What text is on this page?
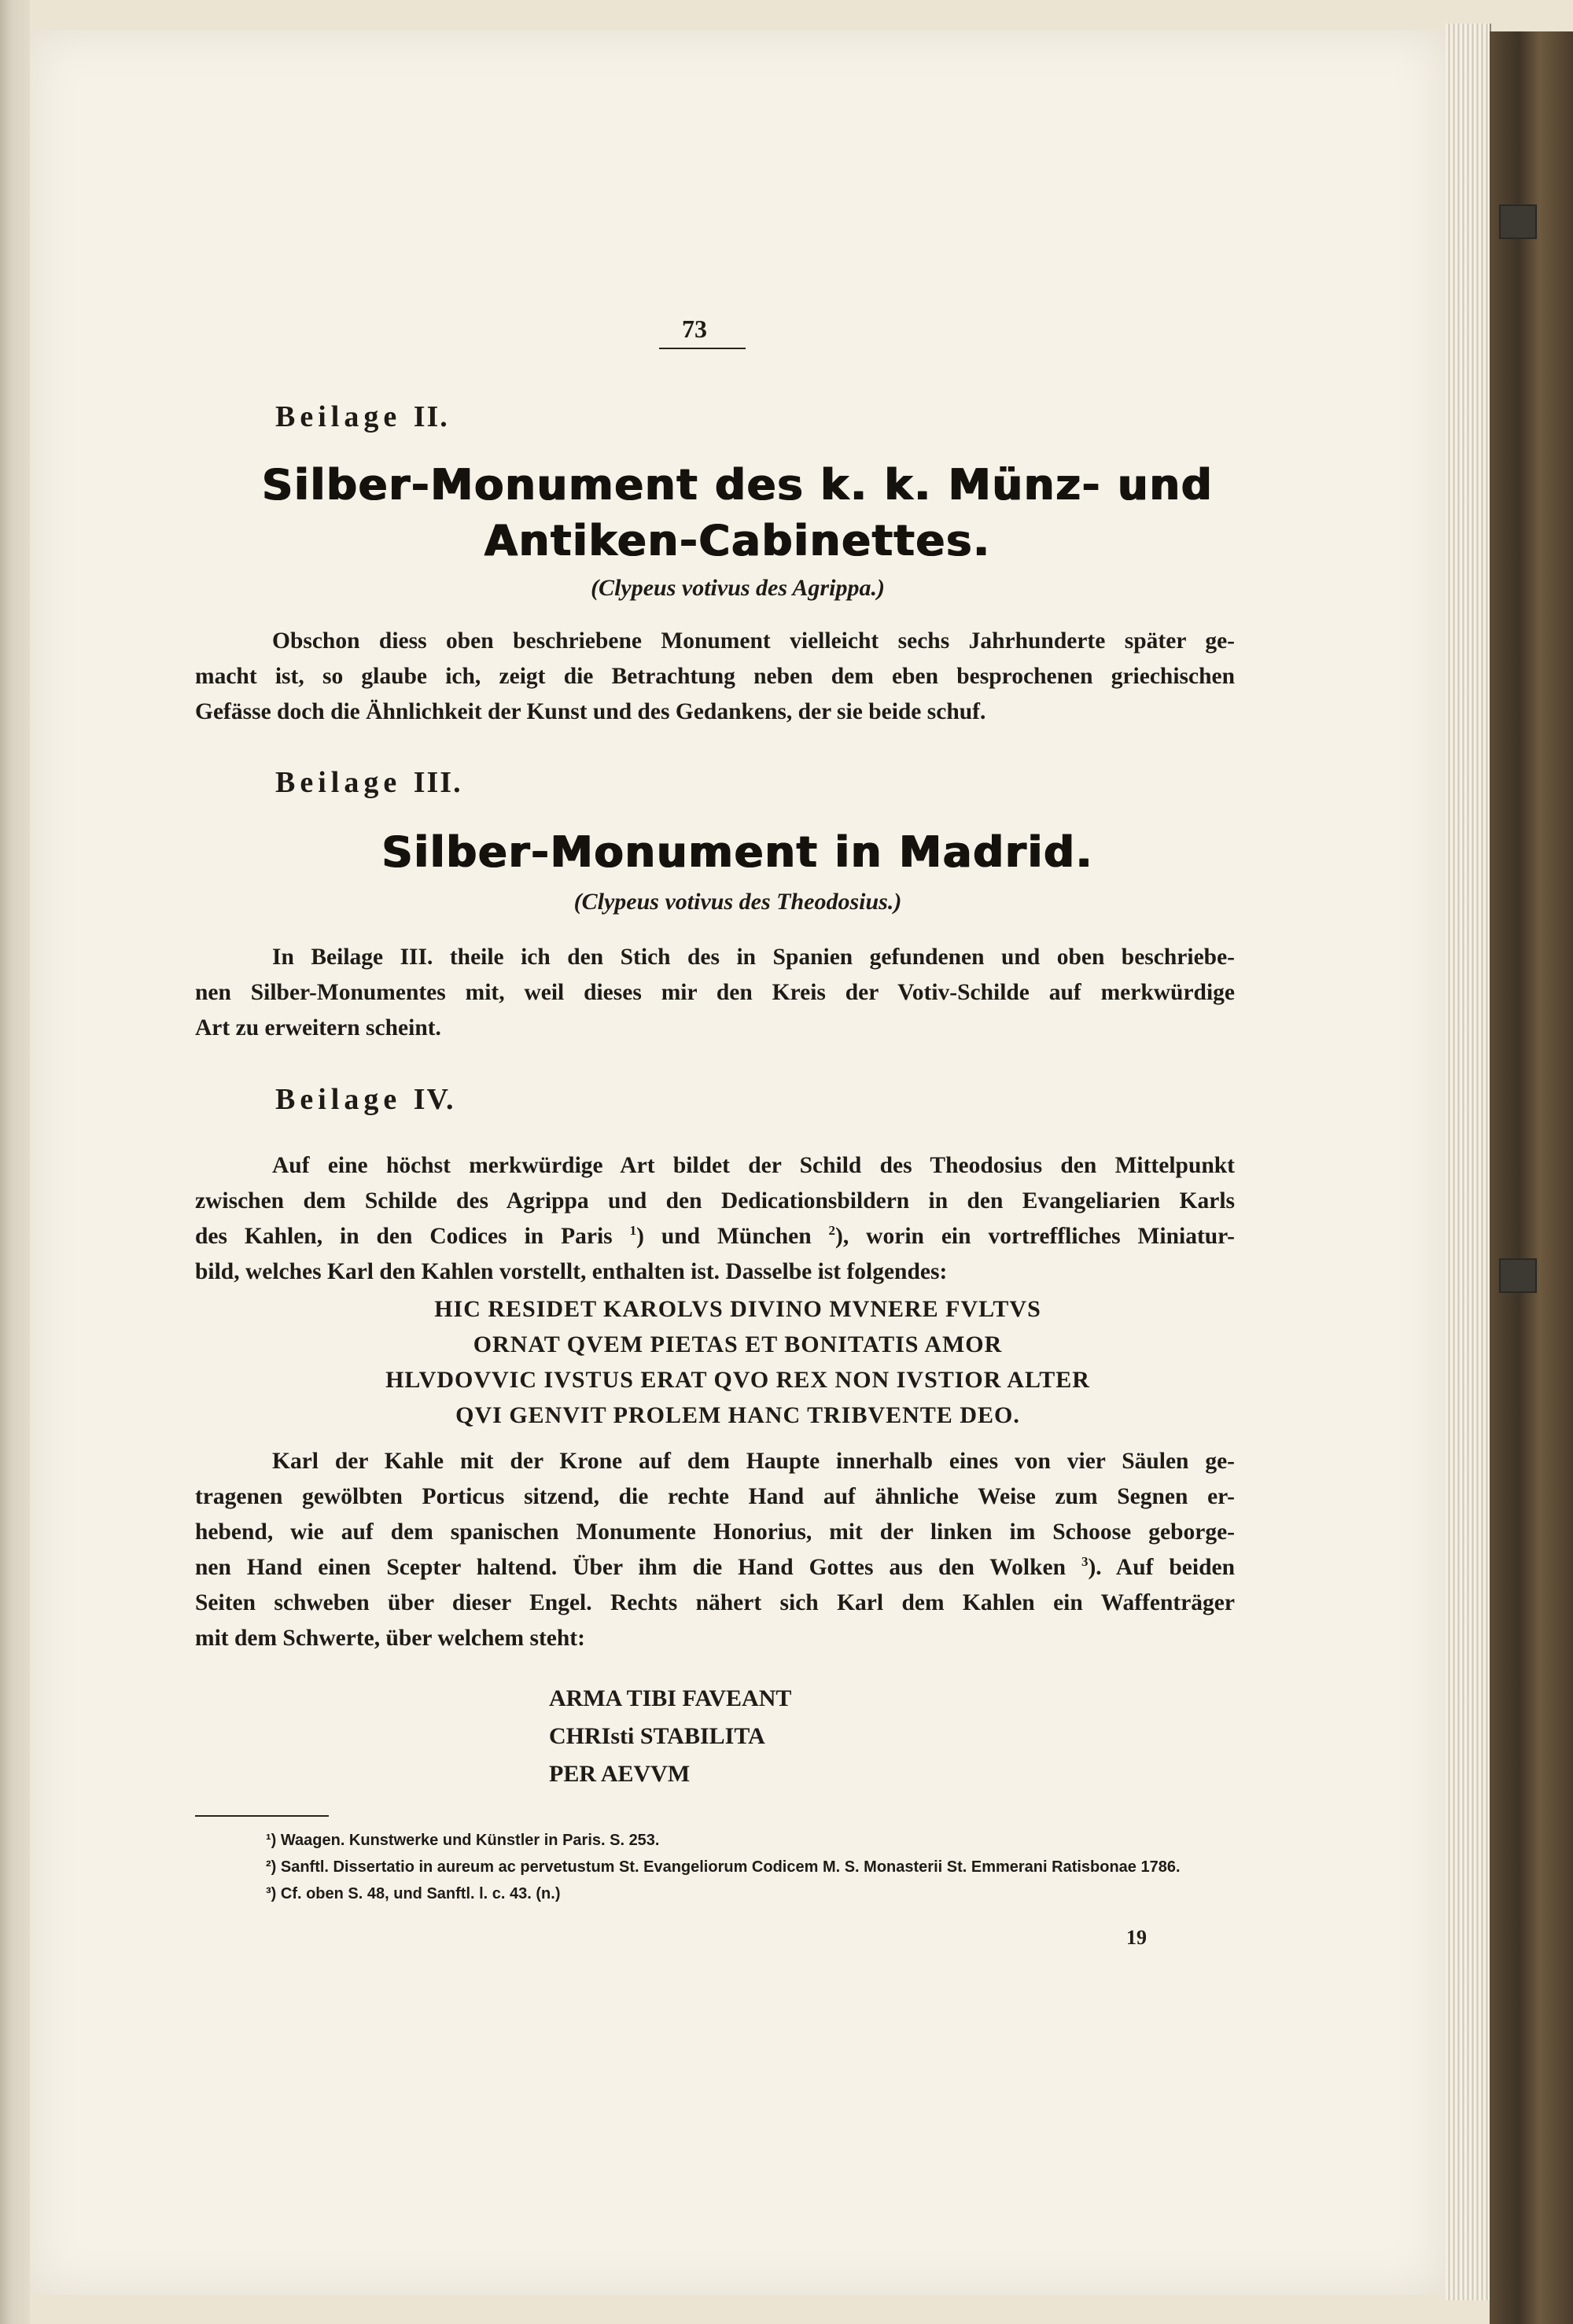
73
Beilage II.
Silber-Monument des k. k. Münz- und
Antiken-Cabinettes.
(Clypeus votivus des Agrippa.)
Obschon diess oben beschriebene Monument vielleicht sechs Jahrhunderte später ge-
macht ist, so glaube ich, zeigt die Betrachtung neben dem eben besprochenen griechischen
Gefässe doch die Ähnlichkeit der Kunst und des Gedankens, der sie beide schuf.
Beilage III.
Silber-Monument in Madrid.
(Clypeus votivus des Theodosius.)
In Beilage III. theile ich den Stich des in Spanien gefundenen und oben beschriebe-
nen Silber-Monumentes mit, weil dieses mir den Kreis der Votiv-Schilde auf merkwürdige
Art zu erweitern scheint.
Beilage IV.
Auf eine höchst merkwürdige Art bildet der Schild des Theodosius den Mittelpunkt
zwischen dem Schilde des Agrippa und den Dedicationsbildern in den Evangeliarien Karls
des Kahlen, in den Codices in Paris $^1$) und München $^2$), worin ein vortreffliches Miniatur-
bild, welches Karl den Kahlen vorstellt, enthalten ist. Dasselbe ist folgendes:
HIC RESIDET KAROLVS DIVINO MVNERE FVLTVS
ORNAT QVEM PIETAS ET BONITATIS AMOR
HLVDOVVIC IVSTUS ERAT QVO REX NON IVSTIOR ALTER
QVI GENVIT PROLEM HANC TRIBVENTE DEO.
Karl der Kahle mit der Krone auf dem Haupte innerhalb eines von vier Säulen ge-
tragenen gewölbten Porticus sitzend, die rechte Hand auf ähnliche Weise zum Segnen er-
hebend, wie auf dem spanischen Monumente Honorius, mit der linken im Schoose geborge-
nen Hand einen Scepter haltend. Über ihm die Hand Gottes aus den Wolken $^3$). Auf beiden
Seiten schweben über dieser Engel. Rechts nähert sich Karl dem Kahlen ein Waffenträger
mit dem Schwerte, über welchem steht:
ARMA TIBI FAVEANT
CHRIsti STABILITA
PER AEVVM
¹) Waagen. Kunstwerke und Künstler in Paris. S. 253.
²) Sanftl. Dissertatio in aureum ac pervetustum St. Evangeliorum Codicem M. S. Monasterii St. Emmerani Ratisbonae 1786.
³) Cf. oben S. 48, und Sanftl. l. c. 43. (n.)
19
